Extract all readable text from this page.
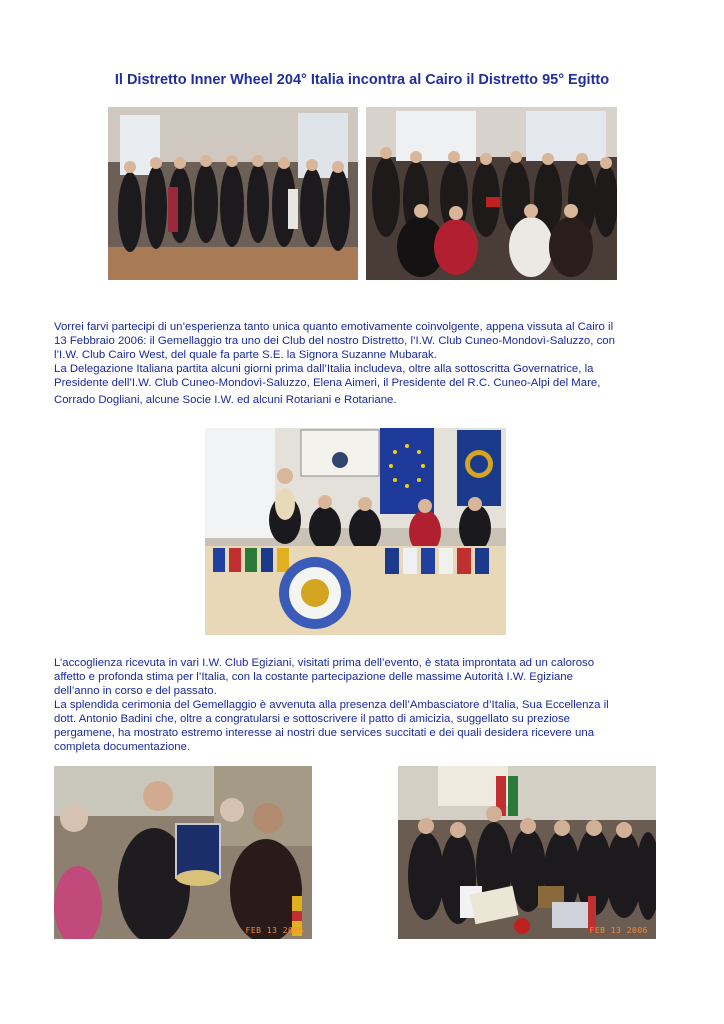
Il Distretto Inner Wheel 204° Italia incontra al Cairo il Distretto 95° Egitto

Vorrei farvi partecipi di un’esperienza tanto unica quanto emotivamente coinvolgente, appena vissuta al Cairo il

13 Febbraio 2006: il Gemellaggio tra uno dei Club del nostro Distretto, l’I.W. Club Cuneo-Mondovì-Saluzzo, con

l’I.W. Club Cairo West, del quale fa parte S.E. la Signora Suzanne Mubarak.

La Delegazione Italiana partita alcuni giorni prima dall’Italia includeva, oltre alla sottoscritta Governatrice, la

Presidente dell’I.W. Club Cuneo-Mondovì-Saluzzo, Elena Aimeri, il Presidente del R.C. Cuneo-Alpi del Mare,

Corrado Dogliani, alcune Socie I.W. ed alcuni Rotariani e Rotariane.

L’accoglienza ricevuta in vari I.W. Club Egiziani, visitati prima dell’evento, è stata improntata ad un caloroso

affetto e profonda stima per l’Italia, con la costante partecipazione delle massime Autorità I.W. Egiziane

dell’anno in corso e del passato.

La splendida cerimonia del Gemellaggio è avvenuta alla presenza dell’Ambasciatore d’Italia, Sua Eccellenza il

dott. Antonio Badini che, oltre a congratularsi e sottoscrivere il patto di amicizia, suggellato su preziose

pergamene, ha mostrato estremo interesse ai nostri due services succitati e dei quali desidera ricevere una

completa documentazione.

FEB 13 2006	FEB 13 2006
